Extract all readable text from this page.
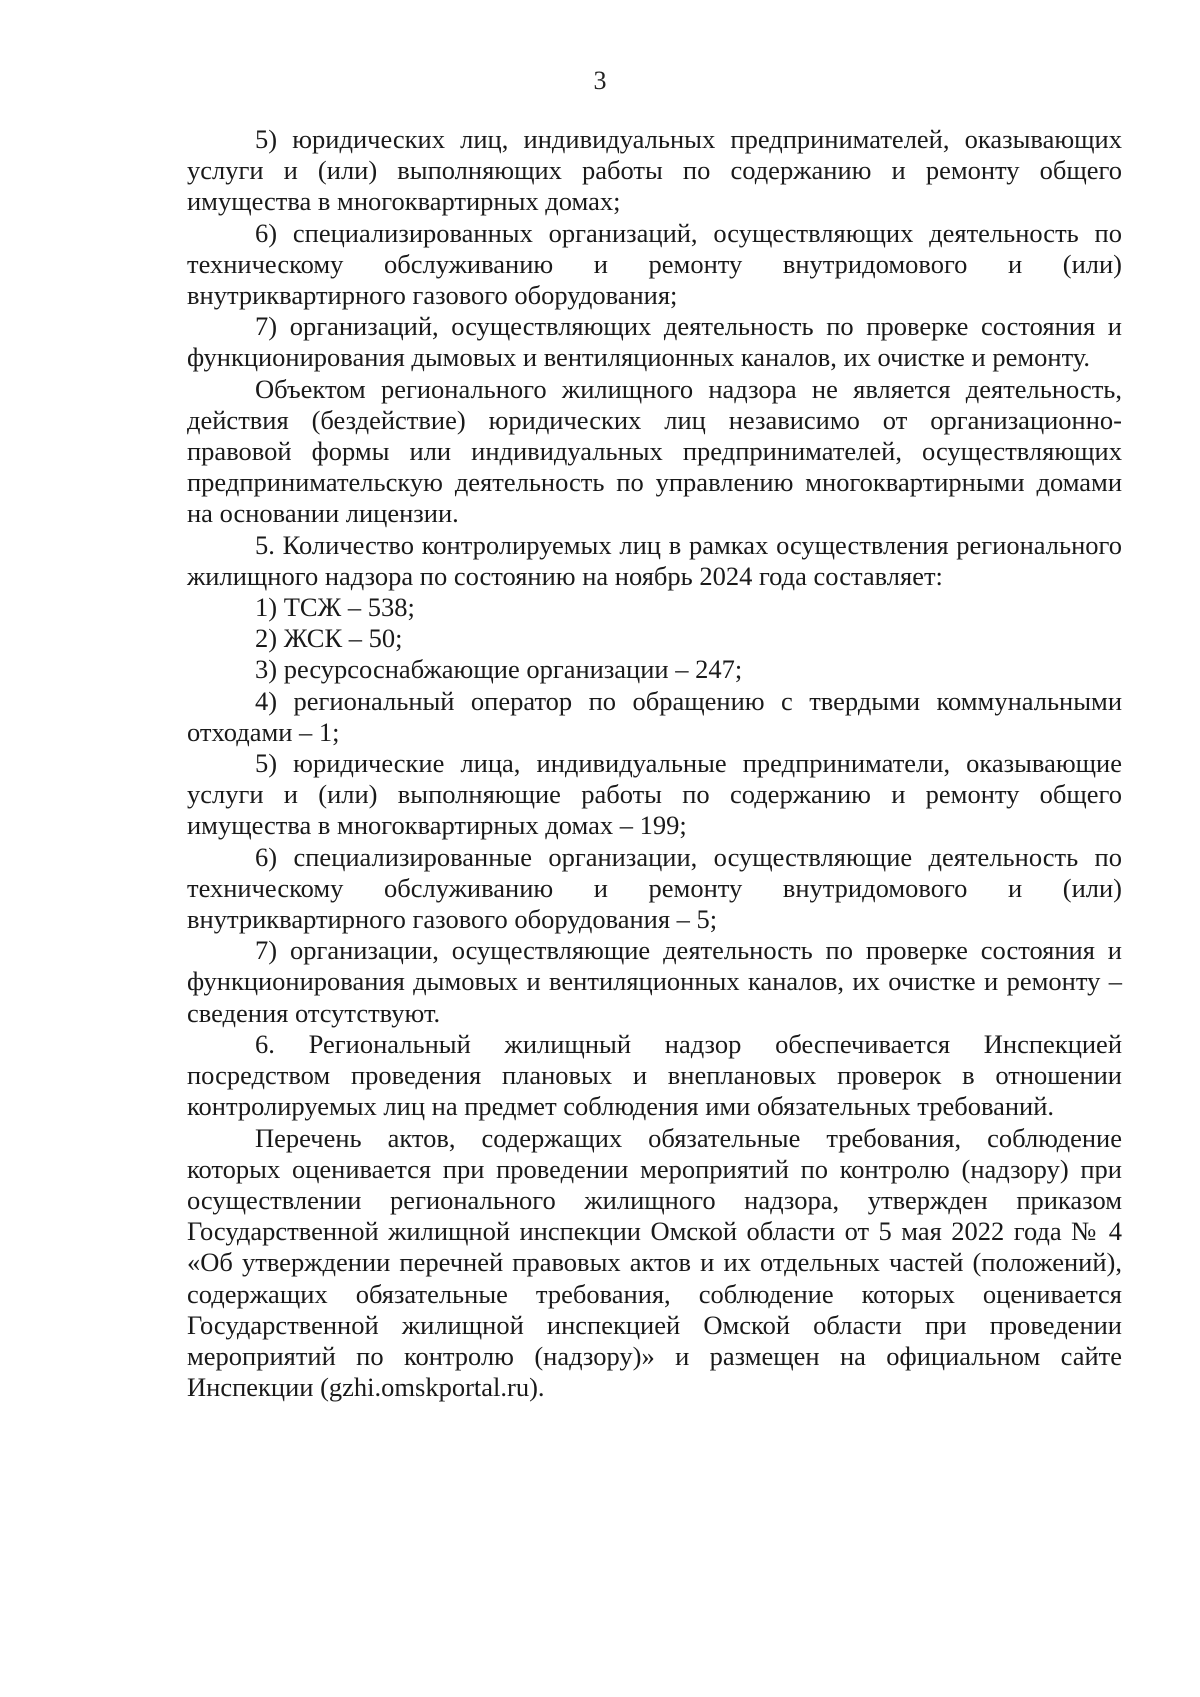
3

5) юридических лиц, индивидуальных предпринимателей, оказывающих услуги и (или) выполняющих работы по содержанию и ремонту общего имущества в многоквартирных домах;

6) специализированных организаций, осуществляющих деятельность по техническому обслуживанию и ремонту внутридомового и (или) внутриквартирного газового оборудования;

7) организаций, осуществляющих деятельность по проверке состояния и функционирования дымовых и вентиляционных каналов, их очистке и ремонту.

Объектом регионального жилищного надзора не является деятельность, действия (бездействие) юридических лиц независимо от организационно-правовой формы или индивидуальных предпринимателей, осуществляющих предпринимательскую деятельность по управлению многоквартирными домами на основании лицензии.

5. Количество контролируемых лиц в рамках осуществления регионального жилищного надзора по состоянию на ноябрь 2024 года составляет:

1) ТСЖ – 538;

2) ЖСК – 50;

3) ресурсоснабжающие организации – 247;

4) региональный оператор по обращению с твердыми коммунальными отходами – 1;

5) юридические лица, индивидуальные предприниматели, оказывающие услуги и (или) выполняющие работы по содержанию и ремонту общего имущества в многоквартирных домах – 199;

6) специализированные организации, осуществляющие деятельность по техническому обслуживанию и ремонту внутридомового и (или) внутриквартирного газового оборудования – 5;

7) организации, осуществляющие деятельность по проверке состояния и функционирования дымовых и вентиляционных каналов, их очистке и ремонту – сведения отсутствуют.

6. Региональный жилищный надзор обеспечивается Инспекцией посредством проведения плановых и внеплановых проверок в отношении контролируемых лиц на предмет соблюдения ими обязательных требований.

Перечень актов, содержащих обязательные требования, соблюдение которых оценивается при проведении мероприятий по контролю (надзору) при осуществлении регионального жилищного надзора, утвержден приказом Государственной жилищной инспекции Омской области от 5 мая 2022 года № 4 «Об утверждении перечней правовых актов и их отдельных частей (положений), содержащих обязательные требования, соблюдение которых оценивается Государственной жилищной инспекцией Омской области при проведении мероприятий по контролю (надзору)» и размещен на официальном сайте Инспекции (gzhi.omskportal.ru).
